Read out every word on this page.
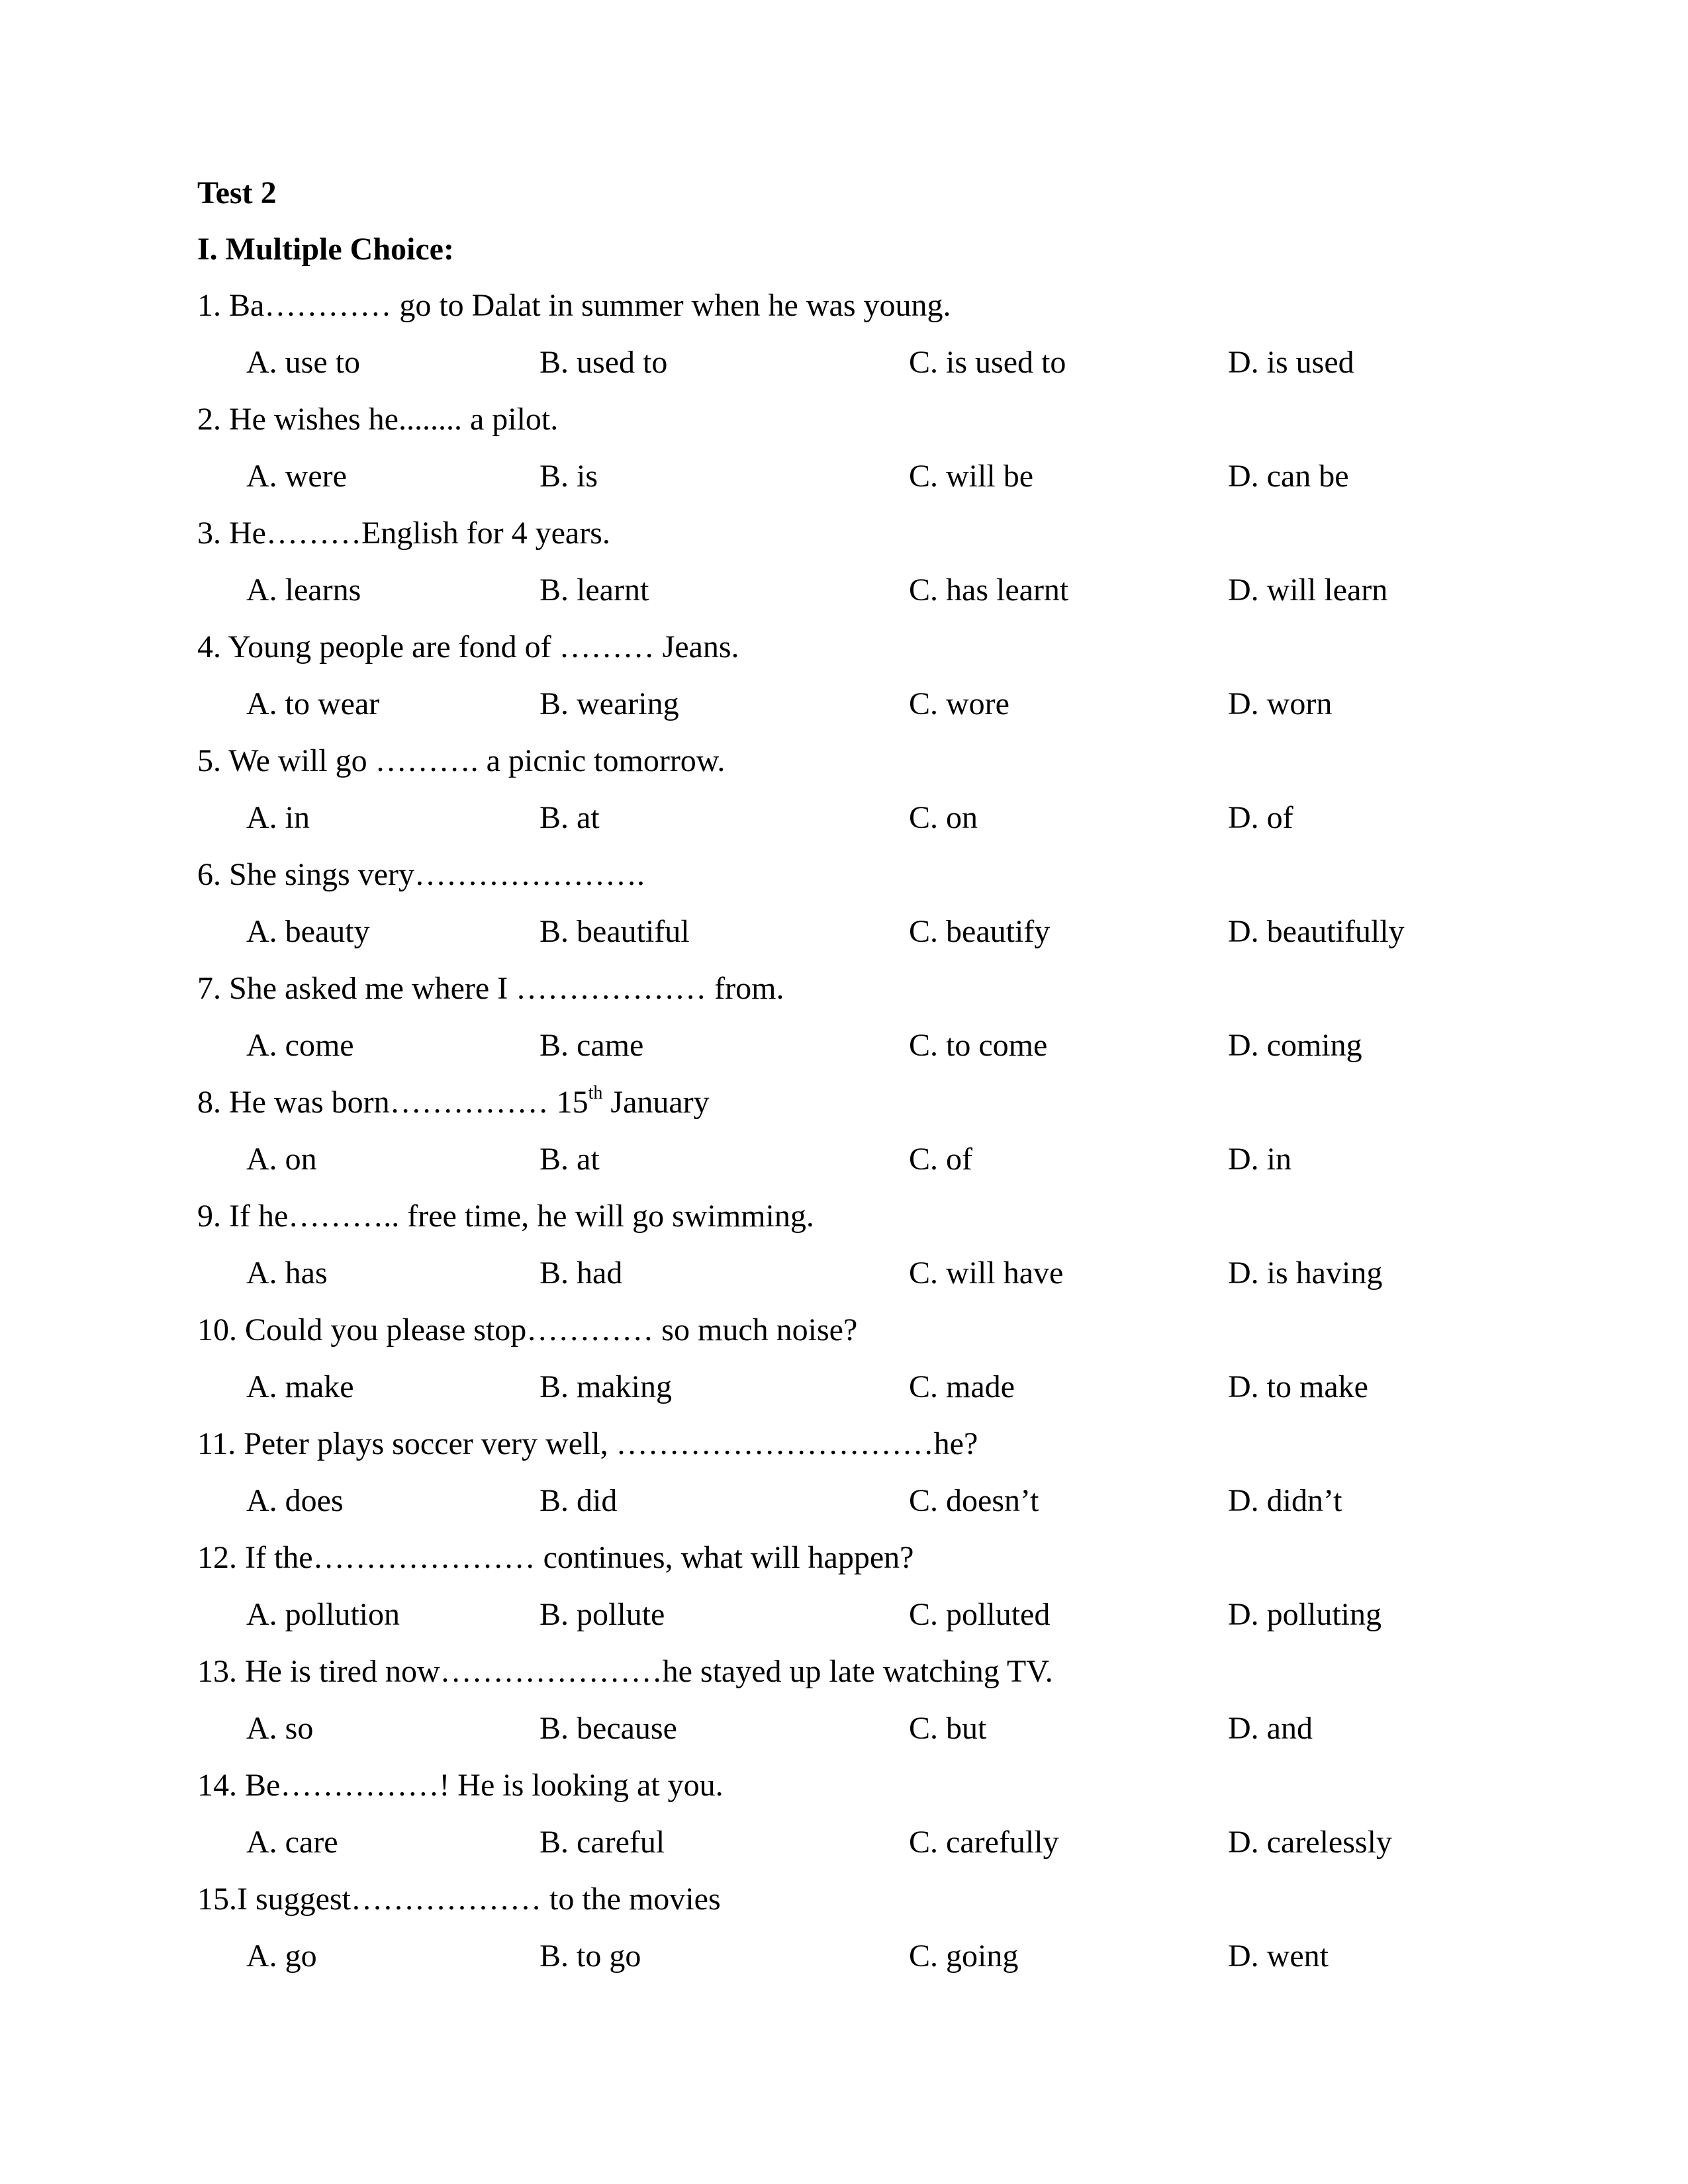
Test 2
I. Multiple Choice:
1. Ba………… go to Dalat in summer when he was young.
A. use to	B. used to	C. is used to	D. is used
2. He wishes he........ a pilot.
A. were	B. is	C. will be	D. can be
3. He………English for 4 years.
A. learns	B. learnt	C. has learnt	D. will learn
4. Young people are fond of ……… Jeans.
A. to wear	B. wearing	C. wore	D. worn
5. We will go ………. a picnic tomorrow.
A. in	B. at	C. on	D. of
6. She sings very………………….
A. beauty	B. beautiful	C. beautify	D. beautifully
7. She asked me where I ……………… from.
A. come	B. came	C. to come	D. coming
8. He was born…………… 15th January
A. on	B. at	C. of	D. in
9. If he……….. free time, he will go swimming.
A. has	B. had	C. will have	D. is having
10. Could you please stop………… so much noise?
A. make	B. making	C. made	D. to make
11. Peter plays soccer very well, …………………………he?
A. does	B. did	C. doesn’t	D. didn’t
12. If the………………… continues, what will happen?
A. pollution	B. pollute	C. polluted	D. polluting
13. He is tired now…………………he stayed up late watching TV.
A. so	B. because	C. but	D. and
14. Be……………! He is looking at you.
A. care	B. careful	C. carefully	D. carelessly
15.I suggest……………… to the movies
A. go	B. to go	C. going	D. went
